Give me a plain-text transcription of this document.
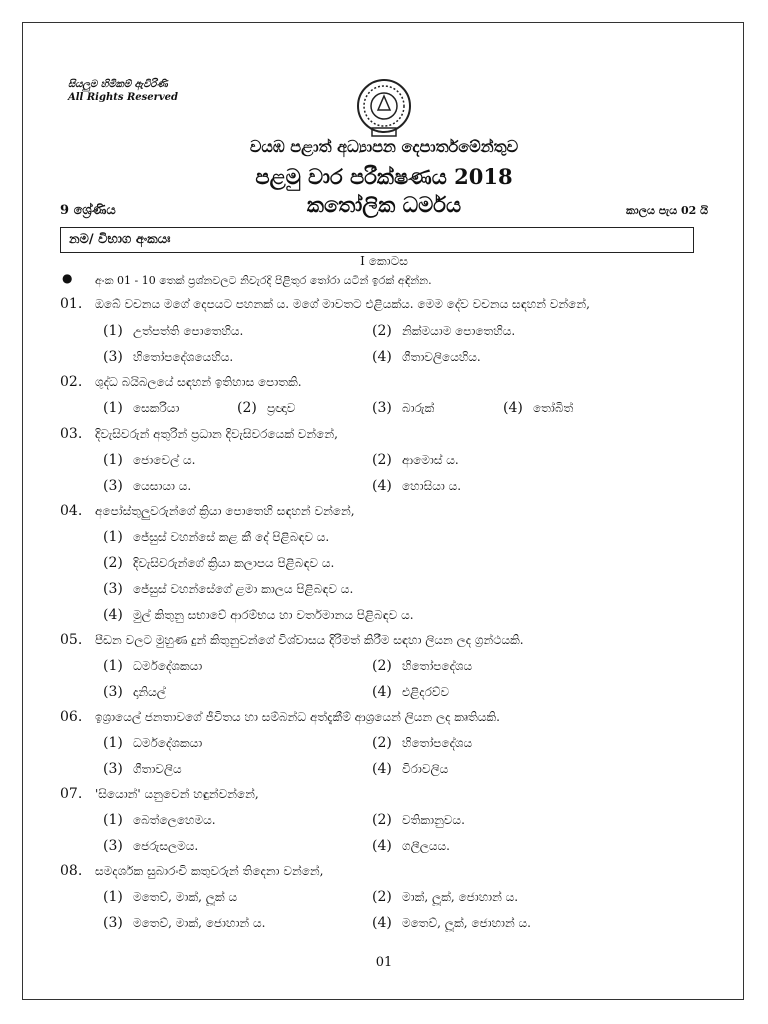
සියලුම හිමිකම් ඇවිරිණි
All Rights Reserved
වයඹ පළාත් අධ්‍යාපන දෙපාර්තමේන්තුව
පළමු වාර පරීක්ෂණය 2018
කතෝලික ධර්මය
9 ශ්‍රේණිය	කාලය පැය 02 යි
නම/ විභාග අංකයඃ
I කොටස
● අංක 01 - 10 තෙක් ප්‍රශ්නවලට නිවැරදි පිළිතුර තෝරා යටින් ඉරක් අඳින්න.
01. ඔබේ වචනය මගේ දෙපයට පහනක් ය. මගේ මාවතට එළියක්ය. මෙම දේව වචනය සඳහන් වන්නේ,
(1) උත්පත්ති පොතෙහිය.	(2) නික්මයාම පොතෙහිය.
(3) හිතෝපදේශයෙහිය.	(4) ගීතාවලියෙහිය.
02. ශුද්ධ බයිබලයේ සඳහන් ඉතිහාස පොතකි.
(1) සෙකරියා	(2) ප්‍රඥාව	(3) බාරුක්	(4) තෝබිත්
03. දිවැසිවරුන් අතුරින් ප්‍රධාන දිවැසිවරයෙක් වන්නේ,
(1) ජොවෙල් ය.	(2) ආමොස් ය.
(3) යෙසායා ය.	(4) හොසියා ය.
04. අපෝස්තුලුවරුන්ගේ ක්‍රියා පොතෙහි සඳහන් වන්නේ,
(1) ජේසුස් වහන්සේ කළ කී දේ පිළිබඳව ය.
(2) දිවැසිවරුන්ගේ ක්‍රියා කලාපය පිළිබඳව ය.
(3) ජේසුස් වහන්සේගේ ළමා කාලය පිළිබඳව ය.
(4) මුල් කිතුනු සභාවේ ආරම්භය හා වර්තමානය පිළිබඳව ය.
05. පීඩන වලට මුහුණ දුන් කිතුනුවන්ගේ විශ්වාසය දිරිමත් කිරීම සඳහා ලියන ලද ග්‍රන්ථයකි.
(1) ධර්මදේශකයා	(2) හිතෝපදේශය
(3) දානියල්	(4) එළිදරව්ව
06. ඉශ්‍රායෙල් ජනතාවගේ ජීවිතය හා සම්බන්ධ අත්දැකීම් ආශ්‍රයෙන් ලියන ලද කෘතියකි.
(1) ධර්මදේශකයා	(2) හිතෝපදේශය
(3) ගීතාවලිය	(4) විරාවලිය
07. 'සියොන්' යනුවෙන් හඳුන්වන්නේ,
(1) බෙත්ලෙහෙමය.	(2) වතිකානුවය.
(3) ජෙරුසලමය.	(4) ගලීලයය.
08. සමදර්ශක සුබාරංචි කතුවරුන් තිදෙනා වන්නේ,
(1) මතෙව්, මාක්, ලූක් ය	(2) මාක්, ලූක්, ජොහාන් ය.
(3) මතෙව්, මාක්, ජොහාන් ය.	(4) මතෙව්, ලූක්, ජොහාන් ය.
01
